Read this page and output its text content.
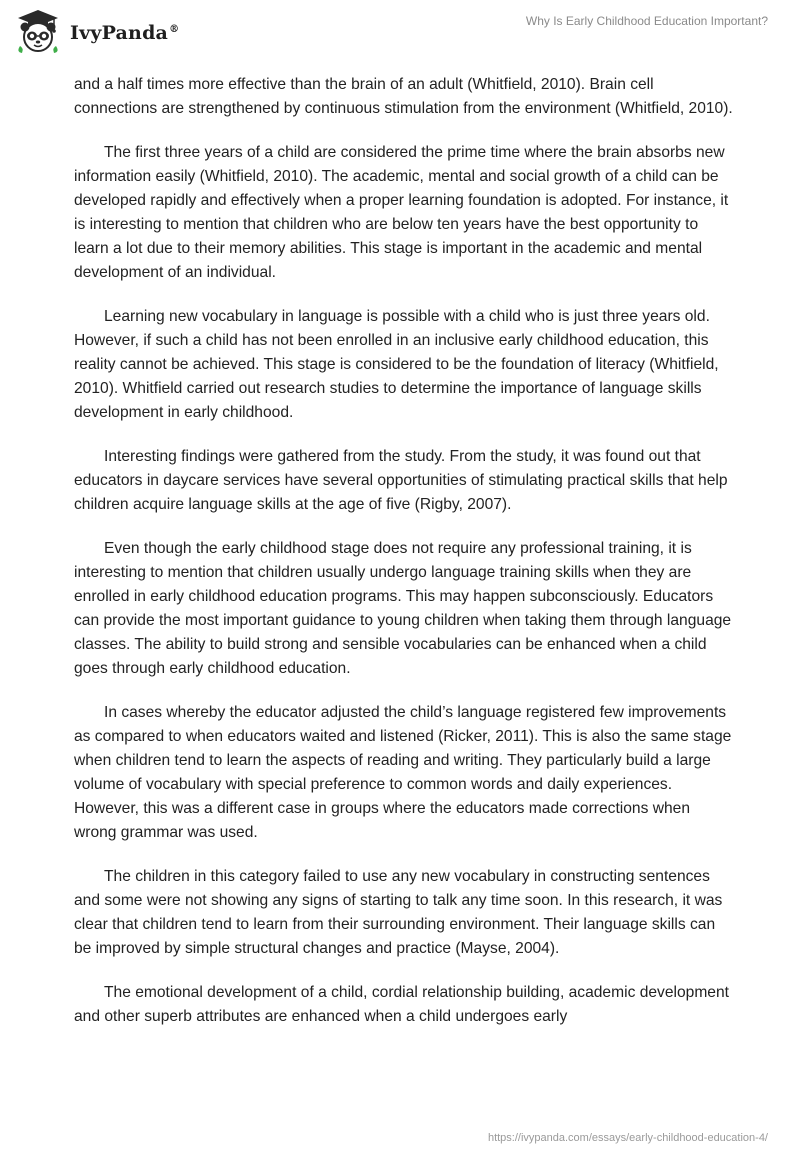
IvyPanda®
Why Is Early Childhood Education Important?

and a half times more effective than the brain of an adult (Whitfield, 2010). Brain cell connections are strengthened by continuous stimulation from the environment (Whitfield, 2010).

The first three years of a child are considered the prime time where the brain absorbs new information easily (Whitfield, 2010). The academic, mental and social growth of a child can be developed rapidly and effectively when a proper learning foundation is adopted. For instance, it is interesting to mention that children who are below ten years have the best opportunity to learn a lot due to their memory abilities. This stage is important in the academic and mental development of an individual.

Learning new vocabulary in language is possible with a child who is just three years old. However, if such a child has not been enrolled in an inclusive early childhood education, this reality cannot be achieved. This stage is considered to be the foundation of literacy (Whitfield, 2010). Whitfield carried out research studies to determine the importance of language skills development in early childhood.

Interesting findings were gathered from the study. From the study, it was found out that educators in daycare services have several opportunities of stimulating practical skills that help children acquire language skills at the age of five (Rigby, 2007).

Even though the early childhood stage does not require any professional training, it is interesting to mention that children usually undergo language training skills when they are enrolled in early childhood education programs. This may happen subconsciously. Educators can provide the most important guidance to young children when taking them through language classes. The ability to build strong and sensible vocabularies can be enhanced when a child goes through early childhood education.

In cases whereby the educator adjusted the child’s language registered few improvements as compared to when educators waited and listened (Ricker, 2011). This is also the same stage when children tend to learn the aspects of reading and writing. They particularly build a large volume of vocabulary with special preference to common words and daily experiences. However, this was a different case in groups where the educators made corrections when wrong grammar was used.

The children in this category failed to use any new vocabulary in constructing sentences and some were not showing any signs of starting to talk any time soon. In this research, it was clear that children tend to learn from their surrounding environment. Their language skills can be improved by simple structural changes and practice (Mayse, 2004).

The emotional development of a child, cordial relationship building, academic development and other superb attributes are enhanced when a child undergoes early

https://ivypanda.com/essays/early-childhood-education-4/
